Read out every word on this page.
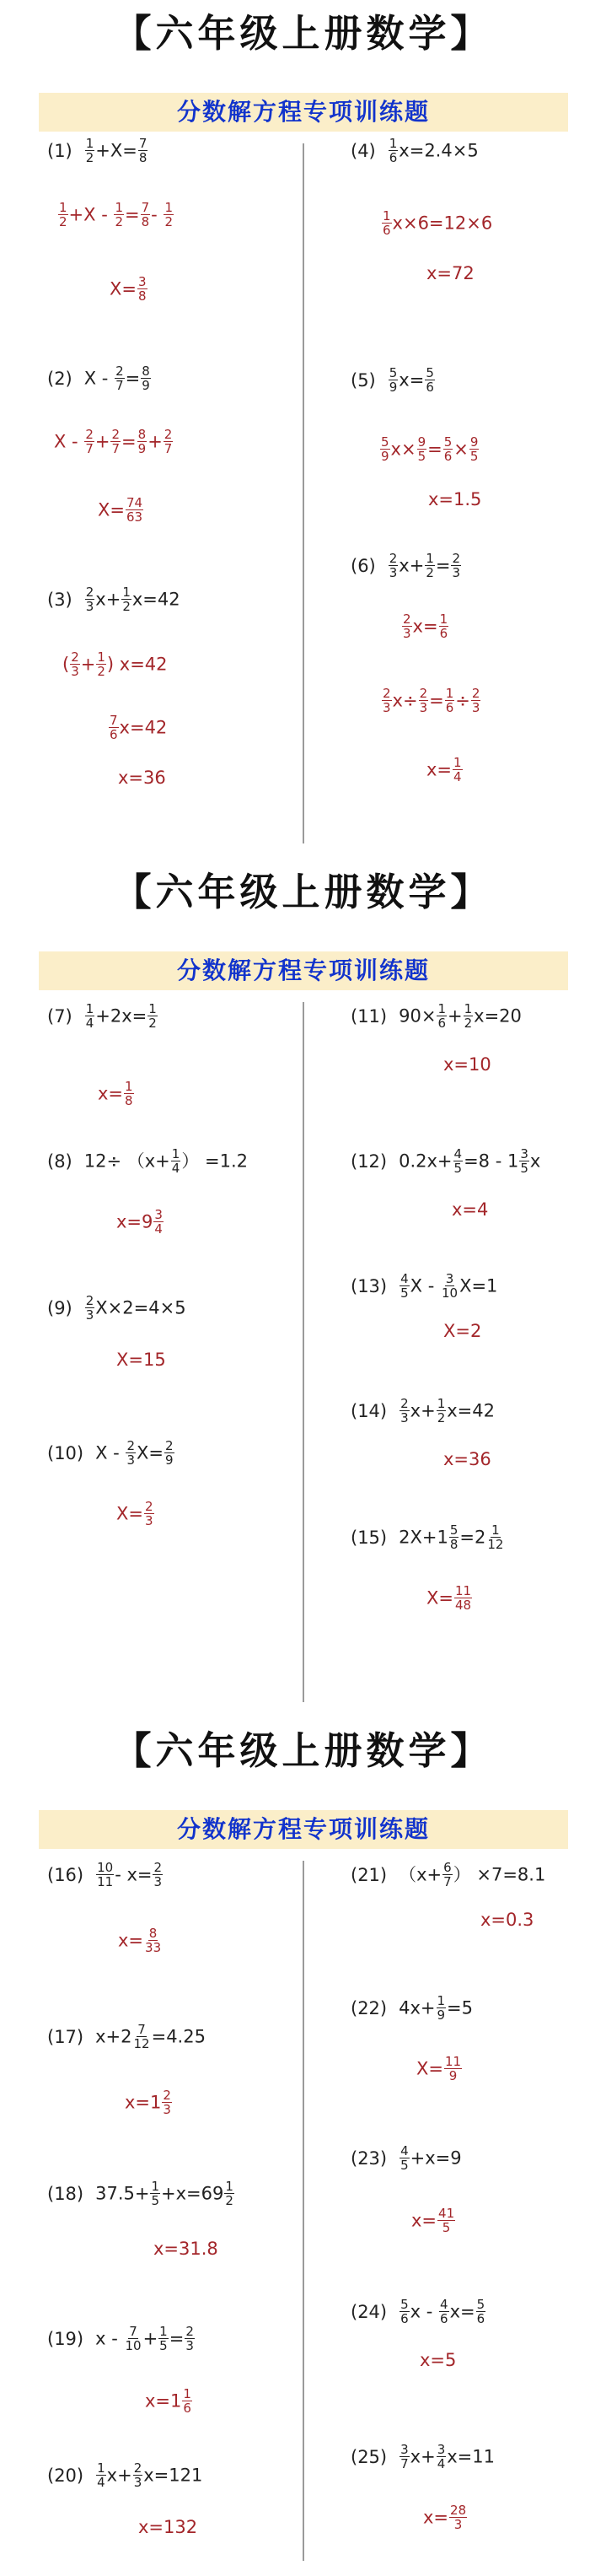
【六年级上册数学】
分数解方程专项训练题
$(1) \frac{1}{2} +X= \frac{7}{8}$
$\frac{1}{2} +X - \frac{1}{2} = \frac{7}{8} - \frac{1}{2}$
$X= \frac{3}{8}$
(2) $X - \frac{2}{7} = \frac{8}{9}$
$X - \frac{2}{7} + \frac{2}{7} = \frac{8}{9} + \frac{2}{7}$
$X= \frac{74}{63}$
$(3) \frac{2}{3} x+ \frac{1}{2} x=42$
( $\frac{2}{3} + \frac{1}{2}$ ) x=42
$\frac{7}{6} x=42$
x=36
$(4) \frac{1}{6} x=2.4\times 5$
$\frac{1}{6} x\times 6=12\times 6$
x=72
$(5) \frac{5}{9} x= \frac{5}{6}$
$\frac{5}{9} x\times \frac{9}{5} = \frac{5}{6} \times \frac{9}{5}$
x=1.5
$(6) \frac{2}{3} x+ \frac{1}{2} = \frac{2}{3}$
$\frac{2}{3} x= \frac{1}{6}$
$\frac{2}{3} x\div \frac{2}{3} = \frac{1}{6} \div \frac{2}{3}$
$x= \frac{1}{4}$
【六年级上册数学】
分数解方程专项训练题
$(7) \frac{1}{4} +2x= \frac{1}{2}$
$x= \frac{1}{8}$
(8) $12\div (x+ \frac{1}{4}$ ） =1.2
$x=9 \frac{3}{4}$
$(9) \frac{2}{3} X\times 2=4\times 5$
X=15
(10) $X - \frac{2}{3} X= \frac{2}{9}$
$X= \frac{2}{3}$
(11) $90\times \frac{1}{6} + \frac{1}{2} x=20$
x=10
(12) $0.2x+ \frac{4}{5} =8 - 1 \frac{3}{5}$ x
x=4
$(13) \frac{4}{5}$ $X - \frac{3}{10} X=1$
X=2
$(14) \frac{2}{3} x+ \frac{1}{2} x=42$
x=36
(15) $2X+1 \frac{5}{8} =2 \frac{1}{12}$
$X= \frac{11}{48}$
【六年级上册数学】
分数解方程专项训练题
$(16) \frac{10}{11} - x= \frac{2}{3}$
$x= \frac{8}{33}$
(17) $x+2 \frac{7}{12} =4.25$
$x=1 \frac{2}{3}$
(18) $37.5+ \frac{1}{5} +x=69 \frac{1}{2}$
x=31.8
(19) $x - \frac{7}{10} + \frac{1}{5} = \frac{2}{3}$
$x=1 \frac{1}{6}$
$(20) \frac{1}{4} x+ \frac{2}{3} x=121$
x=132
(21) （$x+ \frac{6}{7}$ ） ×7=8.1
x=0.3
(22) $4x+ \frac{1}{9} =5$
$X= \frac{11}{9}$
$(23) \frac{4}{5} +x=9$
$x= \frac{41}{5}$
$(24) \frac{5}{6}$ $x - \frac{4}{6} x= \frac{5}{6}$
x=5
$(25) \frac{3}{7} x+ \frac{3}{4} x=11$
$x= \frac{28}{3}$
